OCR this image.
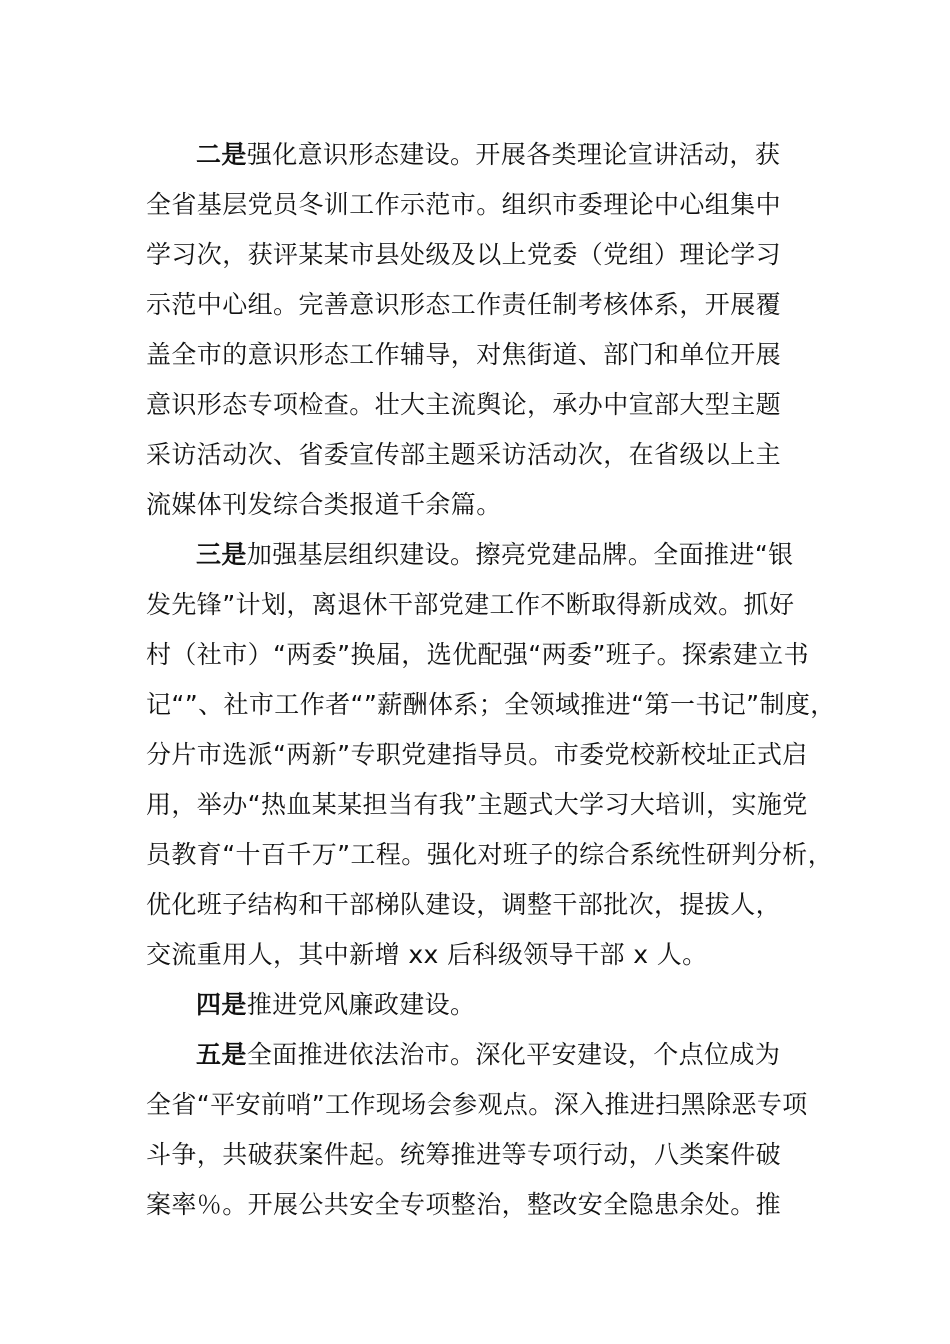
二是强化意识形态建设。开展各类理论宣讲活动，获
全省基层党员冬训工作示范市。组织市委理论中心组集中
学习次，获评某某市县处级及以上党委（党组）理论学习
示范中心组。完善意识形态工作责任制考核体系，开展覆
盖全市的意识形态工作辅导，对焦街道、部门和单位开展
意识形态专项检查。壮大主流舆论，承办中宣部大型主题
采访活动次、省委宣传部主题采访活动次，在省级以上主
流媒体刊发综合类报道千余篇。
三是加强基层组织建设。擦亮党建品牌。全面推进“银
发先锋”计划，离退休干部党建工作不断取得新成效。抓好
村（社市）“两委”换届，选优配强“两委”班子。探索建立书
记“”、社市工作者“”薪酬体系；全领域推进“第一书记”制度，
分片市选派“两新”专职党建指导员。市委党校新校址正式启
用，举办“热血某某担当有我”主题式大学习大培训，实施党
员教育“十百千万”工程。强化对班子的综合系统性研判分析，
优化班子结构和干部梯队建设，调整干部批次，提拔人，
交流重用人，其中新增 xx 后科级领导干部 x 人。
四是推进党风廉政建设。
五是全面推进依法治市。深化平安建设，个点位成为
全省“平安前哨”工作现场会参观点。深入推进扫黑除恶专项
斗争，共破获案件起。统筹推进等专项行动，八类案件破
案率％。开展公共安全专项整治，整改安全隐患余处。推
